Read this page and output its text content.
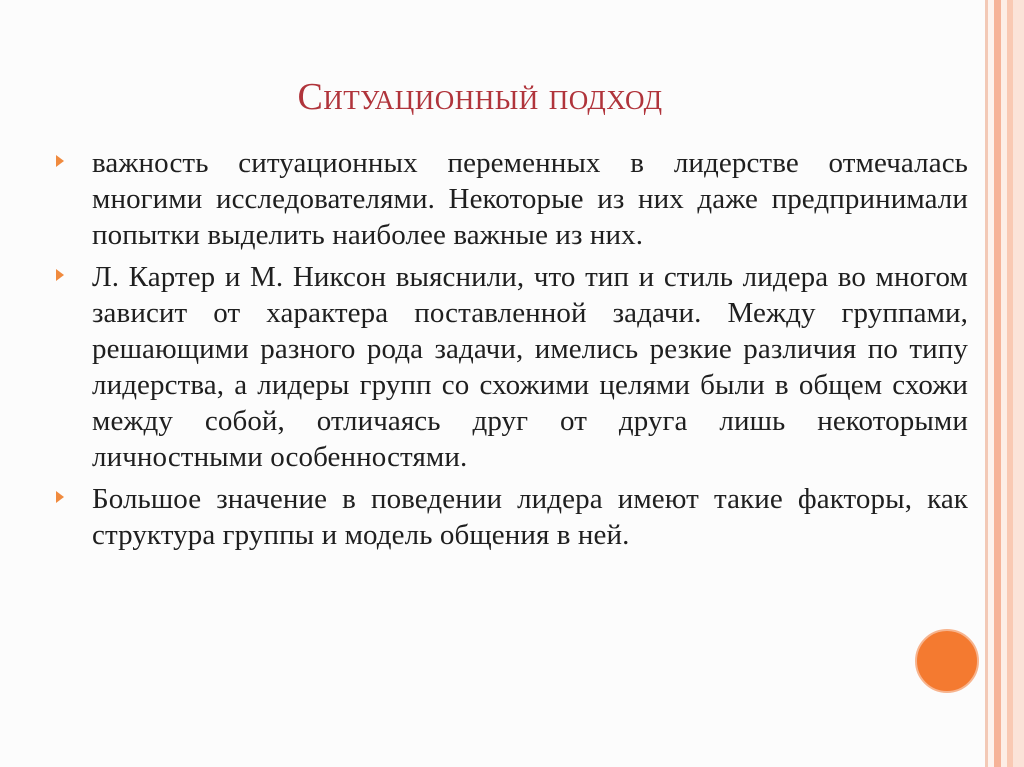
Ситуационный подход
важность ситуационных переменных в лидерстве отмечалась многими исследователями. Некоторые из них даже предпринимали попытки выделить наиболее важные из них.
Л. Картер и М. Никсон выяснили, что тип и стиль лидера во многом зависит от характера поставленной задачи. Между группами, решающими разного рода задачи, имелись резкие различия по типу лидерства, а лидеры групп со схожими целями были в общем схожи между собой, отличаясь друг от друга лишь некоторыми личностными особенностями.
Большое значение в поведении лидера имеют такие факторы, как структура группы и модель общения в ней.
